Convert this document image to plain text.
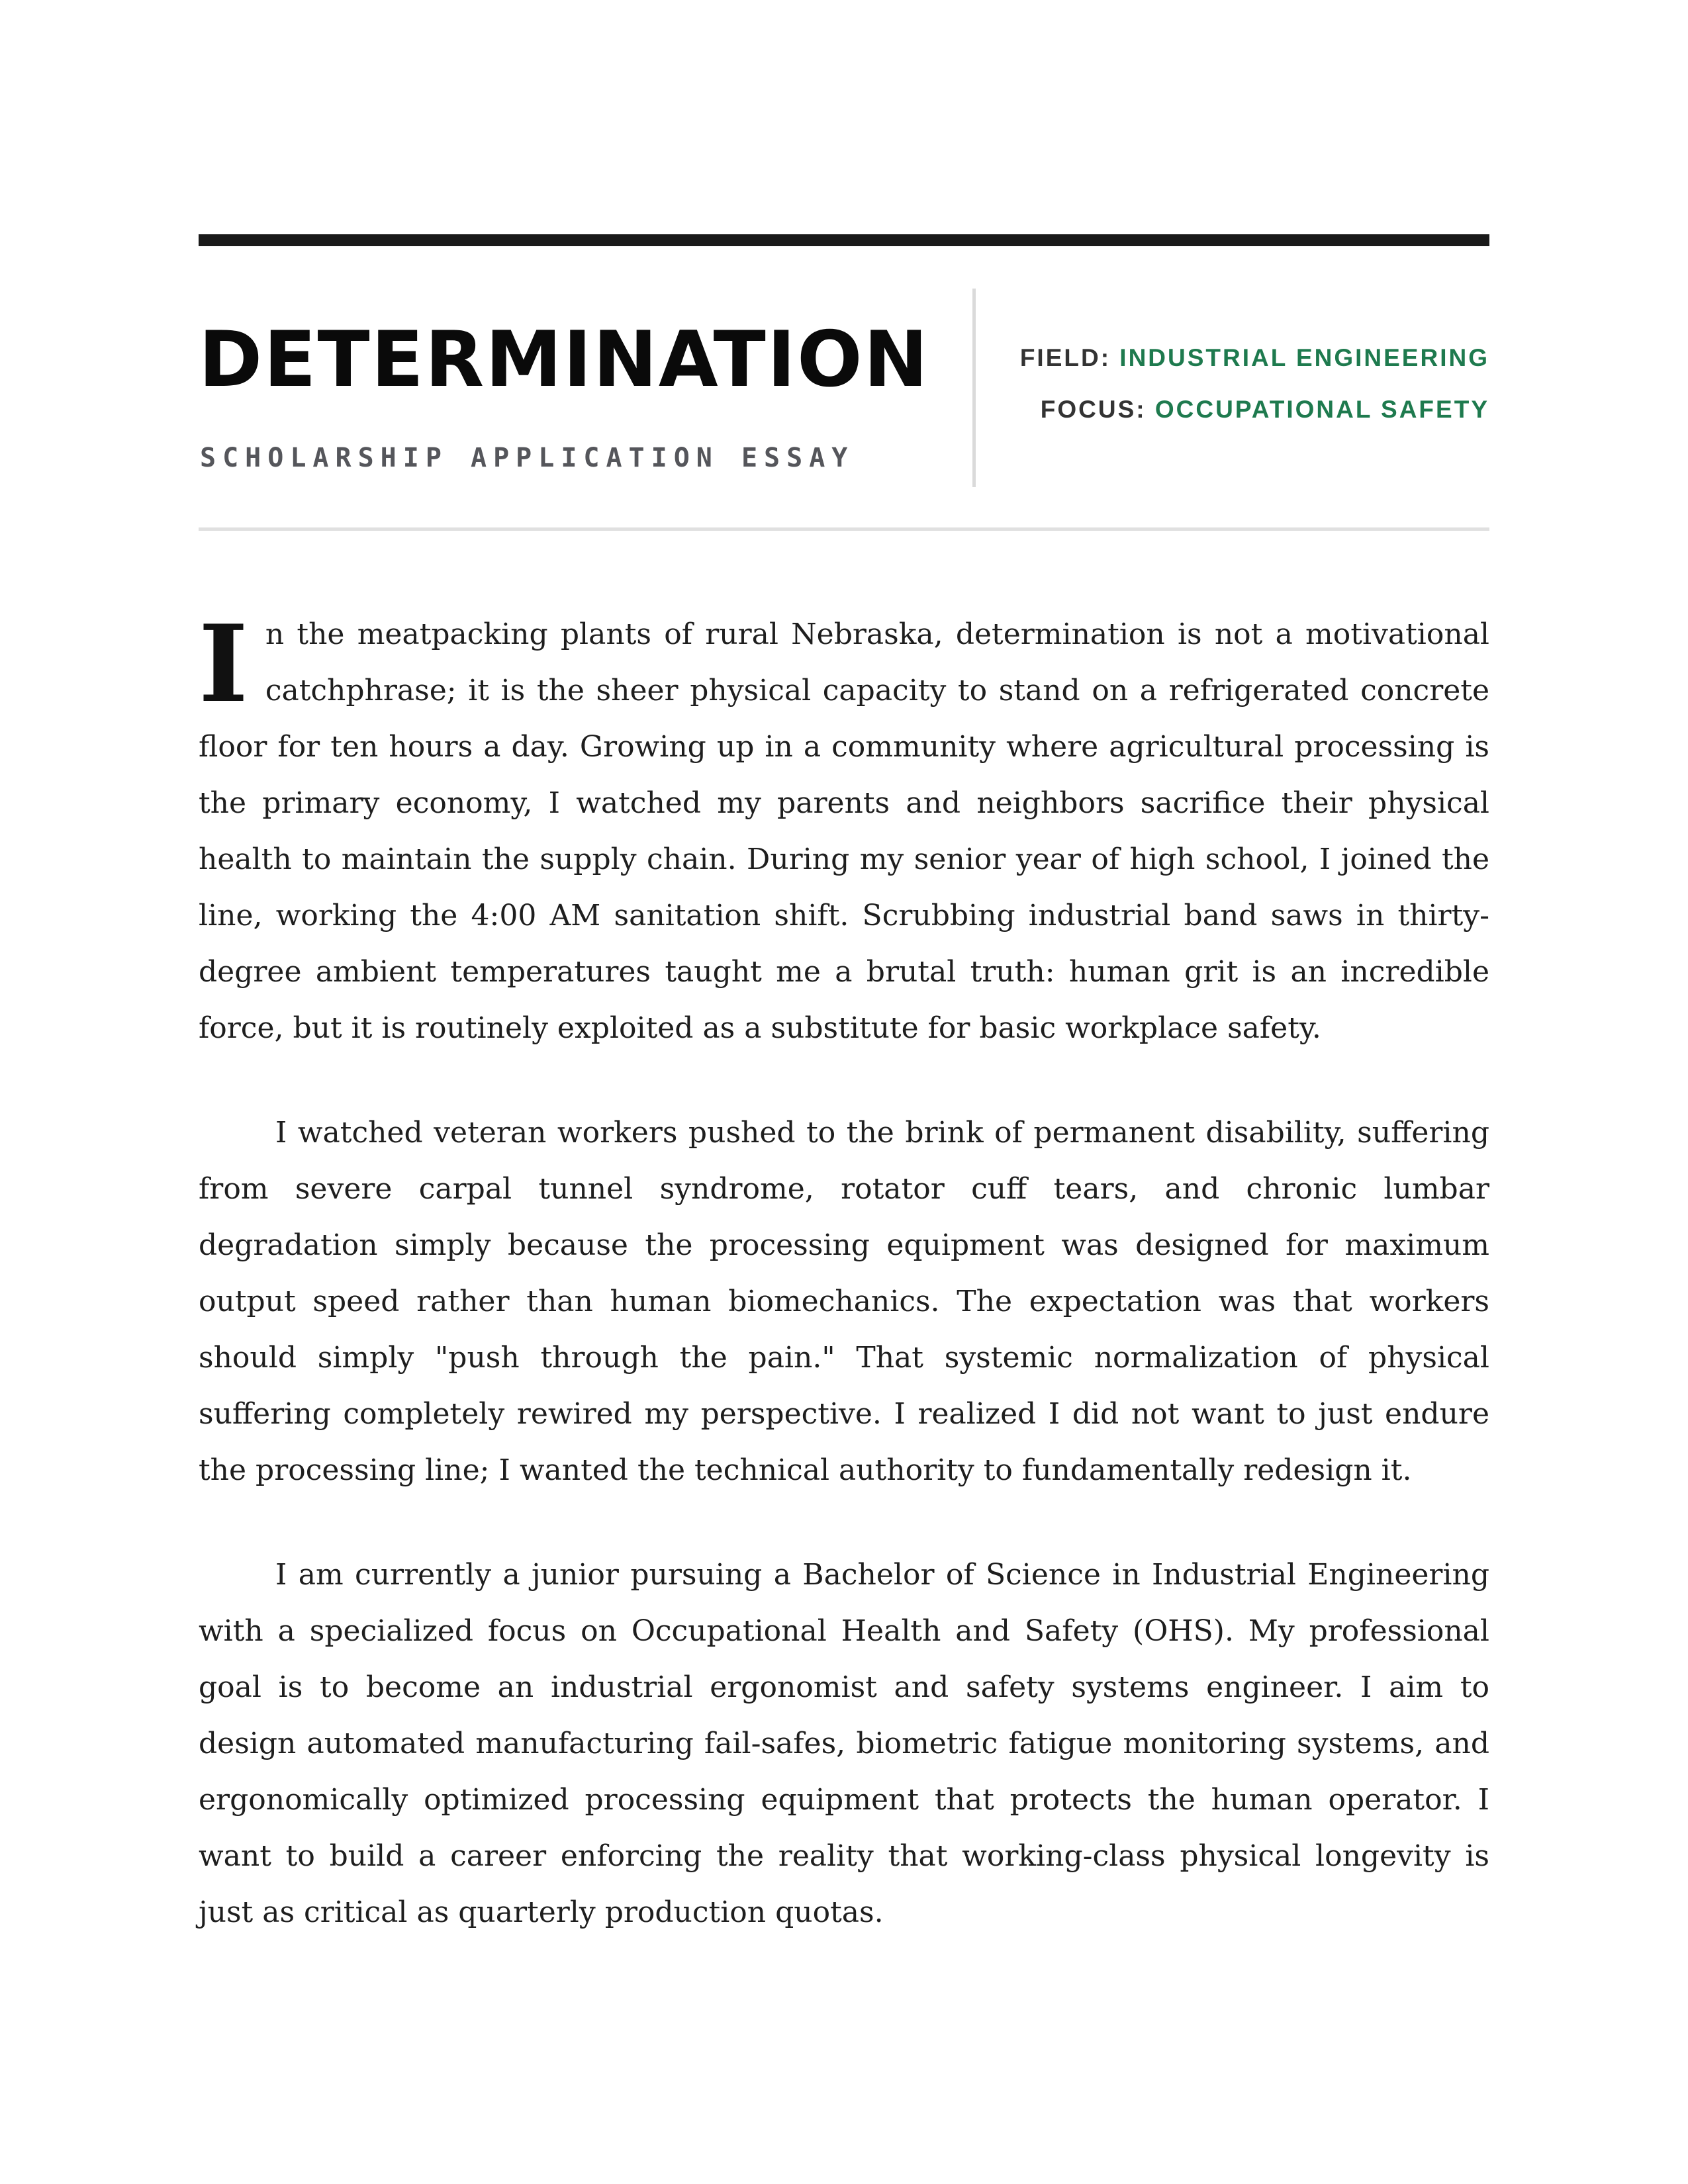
DETERMINATION
SCHOLARSHIP APPLICATION ESSAY
FIELD: INDUSTRIAL ENGINEERING
FOCUS: OCCUPATIONAL SAFETY

In the meatpacking plants of rural Nebraska, determination is not a motivational catchphrase; it is the sheer physical capacity to stand on a refrigerated concrete floor for ten hours a day. Growing up in a community where agricultural processing is the primary economy, I watched my parents and neighbors sacrifice their physical health to maintain the supply chain. During my senior year of high school, I joined the line, working the 4:00 AM sanitation shift. Scrubbing industrial band saws in thirty-degree ambient temperatures taught me a brutal truth: human grit is an incredible force, but it is routinely exploited as a substitute for basic workplace safety.

I watched veteran workers pushed to the brink of permanent disability, suffering from severe carpal tunnel syndrome, rotator cuff tears, and chronic lumbar degradation simply because the processing equipment was designed for maximum output speed rather than human biomechanics. The expectation was that workers should simply "push through the pain." That systemic normalization of physical suffering completely rewired my perspective. I realized I did not want to just endure the processing line; I wanted the technical authority to fundamentally redesign it.

I am currently a junior pursuing a Bachelor of Science in Industrial Engineering with a specialized focus on Occupational Health and Safety (OHS). My professional goal is to become an industrial ergonomist and safety systems engineer. I aim to design automated manufacturing fail-safes, biometric fatigue monitoring systems, and ergonomically optimized processing equipment that protects the human operator. I want to build a career enforcing the reality that working-class physical longevity is just as critical as quarterly production quotas.
